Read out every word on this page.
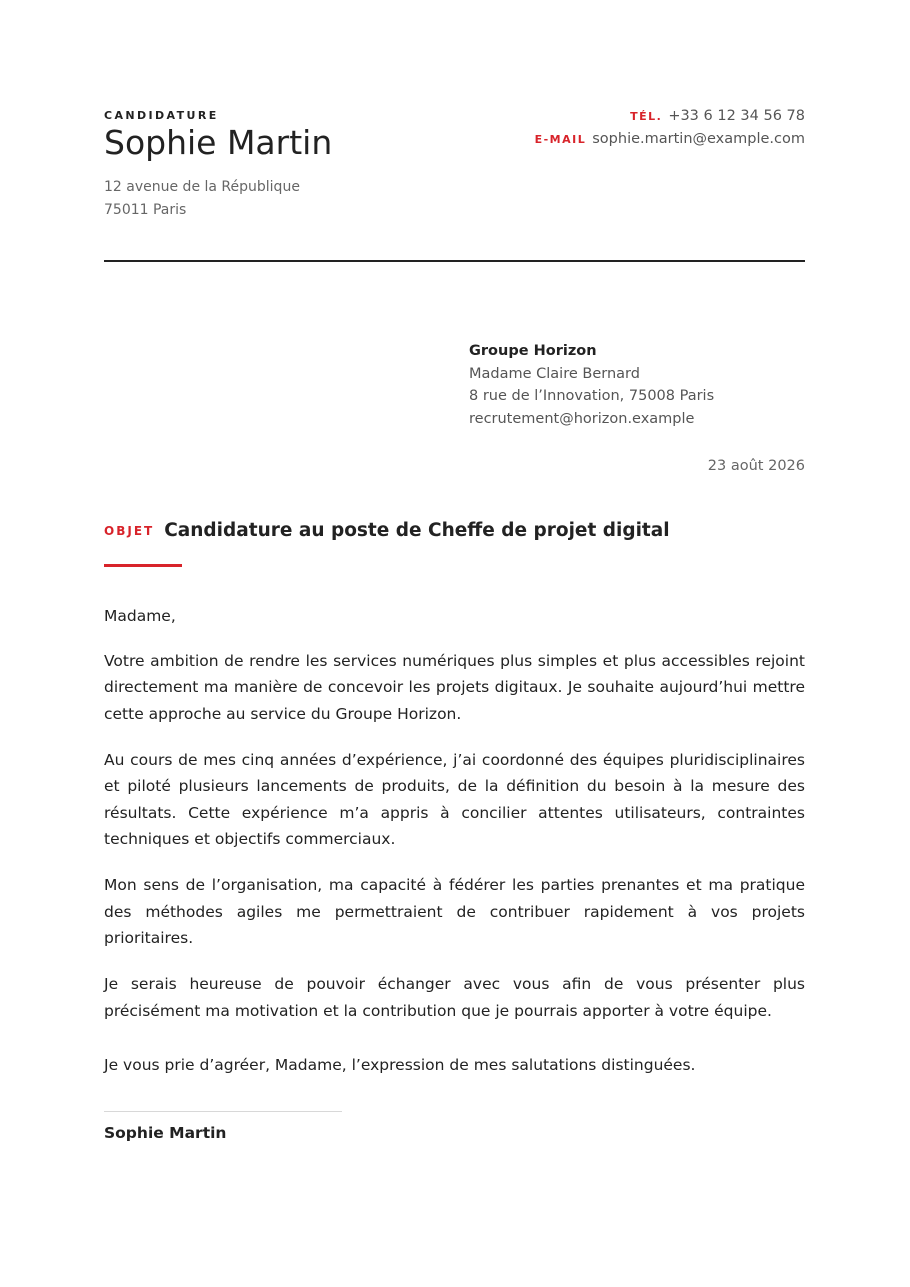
CANDIDATURE
Sophie Martin
12 avenue de la République
75011 Paris
TÉL. +33 6 12 34 56 78
E-MAIL sophie.martin@example.com
Groupe Horizon
Madame Claire Bernard
8 rue de l’Innovation, 75008 Paris
recrutement@horizon.example
23 août 2026
OBJET Candidature au poste de Cheffe de projet digital

Madame,

Votre ambition de rendre les services numériques plus simples et plus accessibles rejoint directement ma manière de concevoir les projets digitaux. Je souhaite aujourd’hui mettre cette approche au service du Groupe Horizon.

Au cours de mes cinq années d’expérience, j’ai coordonné des équipes pluridisciplinaires et piloté plusieurs lancements de produits, de la définition du besoin à la mesure des résultats. Cette expérience m’a appris à concilier attentes utilisateurs, contraintes techniques et objectifs commerciaux.

Mon sens de l’organisation, ma capacité à fédérer les parties prenantes et ma pratique des méthodes agiles me permettraient de contribuer rapidement à vos projets prioritaires.

Je serais heureuse de pouvoir échanger avec vous afin de vous présenter plus précisément ma motivation et la contribution que je pourrais apporter à votre équipe.

Je vous prie d’agréer, Madame, l’expression de mes salutations distinguées.
Sophie Martin
